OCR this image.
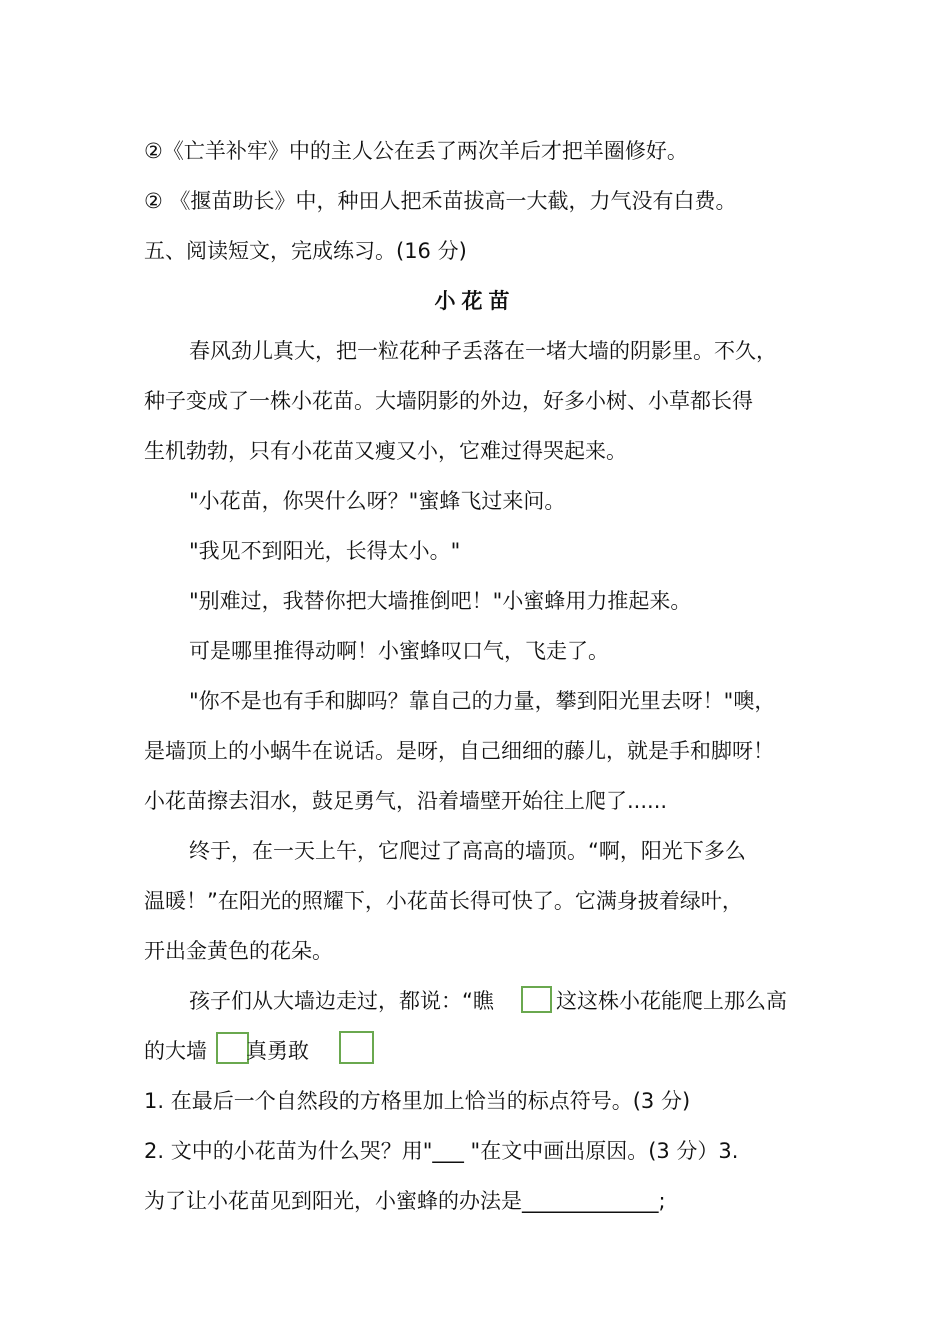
②《亡羊补牢》中的主人公在丢了两次羊后才把羊圈修好。
② 《揠苗助长》中，种田人把禾苗拔高一大截，力气没有白费。
五、阅读短文，完成练习。(16 分)
小花苗
春风劲儿真大，把一粒花种子丢落在一堵大墙的阴影里。不久，
种子变成了一株小花苗。大墙阴影的外边，好多小树、小草都长得
生机勃勃，只有小花苗又瘦又小，它难过得哭起来。
"小花苗，你哭什么呀？"蜜蜂飞过来问。
"我见不到阳光，长得太小。"
"别难过，我替你把大墙推倒吧！"小蜜蜂用力推起来。
可是哪里推得动啊！小蜜蜂叹口气，飞走了。
"你不是也有手和脚吗？靠自己的力量，攀到阳光里去呀！"噢，
是墙顶上的小蜗牛在说话。是呀，自己细细的藤儿，就是手和脚呀！
小花苗擦去泪水，鼓足勇气，沿着墙壁开始往上爬了......
终于，在一天上午，它爬过了高高的墙顶。“啊，阳光下多么
温暖！”在阳光的照耀下，小花苗长得可快了。它满身披着绿叶，
开出金黄色的花朵。
孩子们从大墙边走过，都说：“瞧	这这株小花能爬上那么高
的大墙 真勇敢
1. 在最后一个自然段的方格里加上恰当的标点符号。(3 分)
2. 文中的小花苗为什么哭？用"___ "在文中画出原因。(3 分）3.
为了让小花苗见到阳光，小蜜蜂的办法是_____________;
